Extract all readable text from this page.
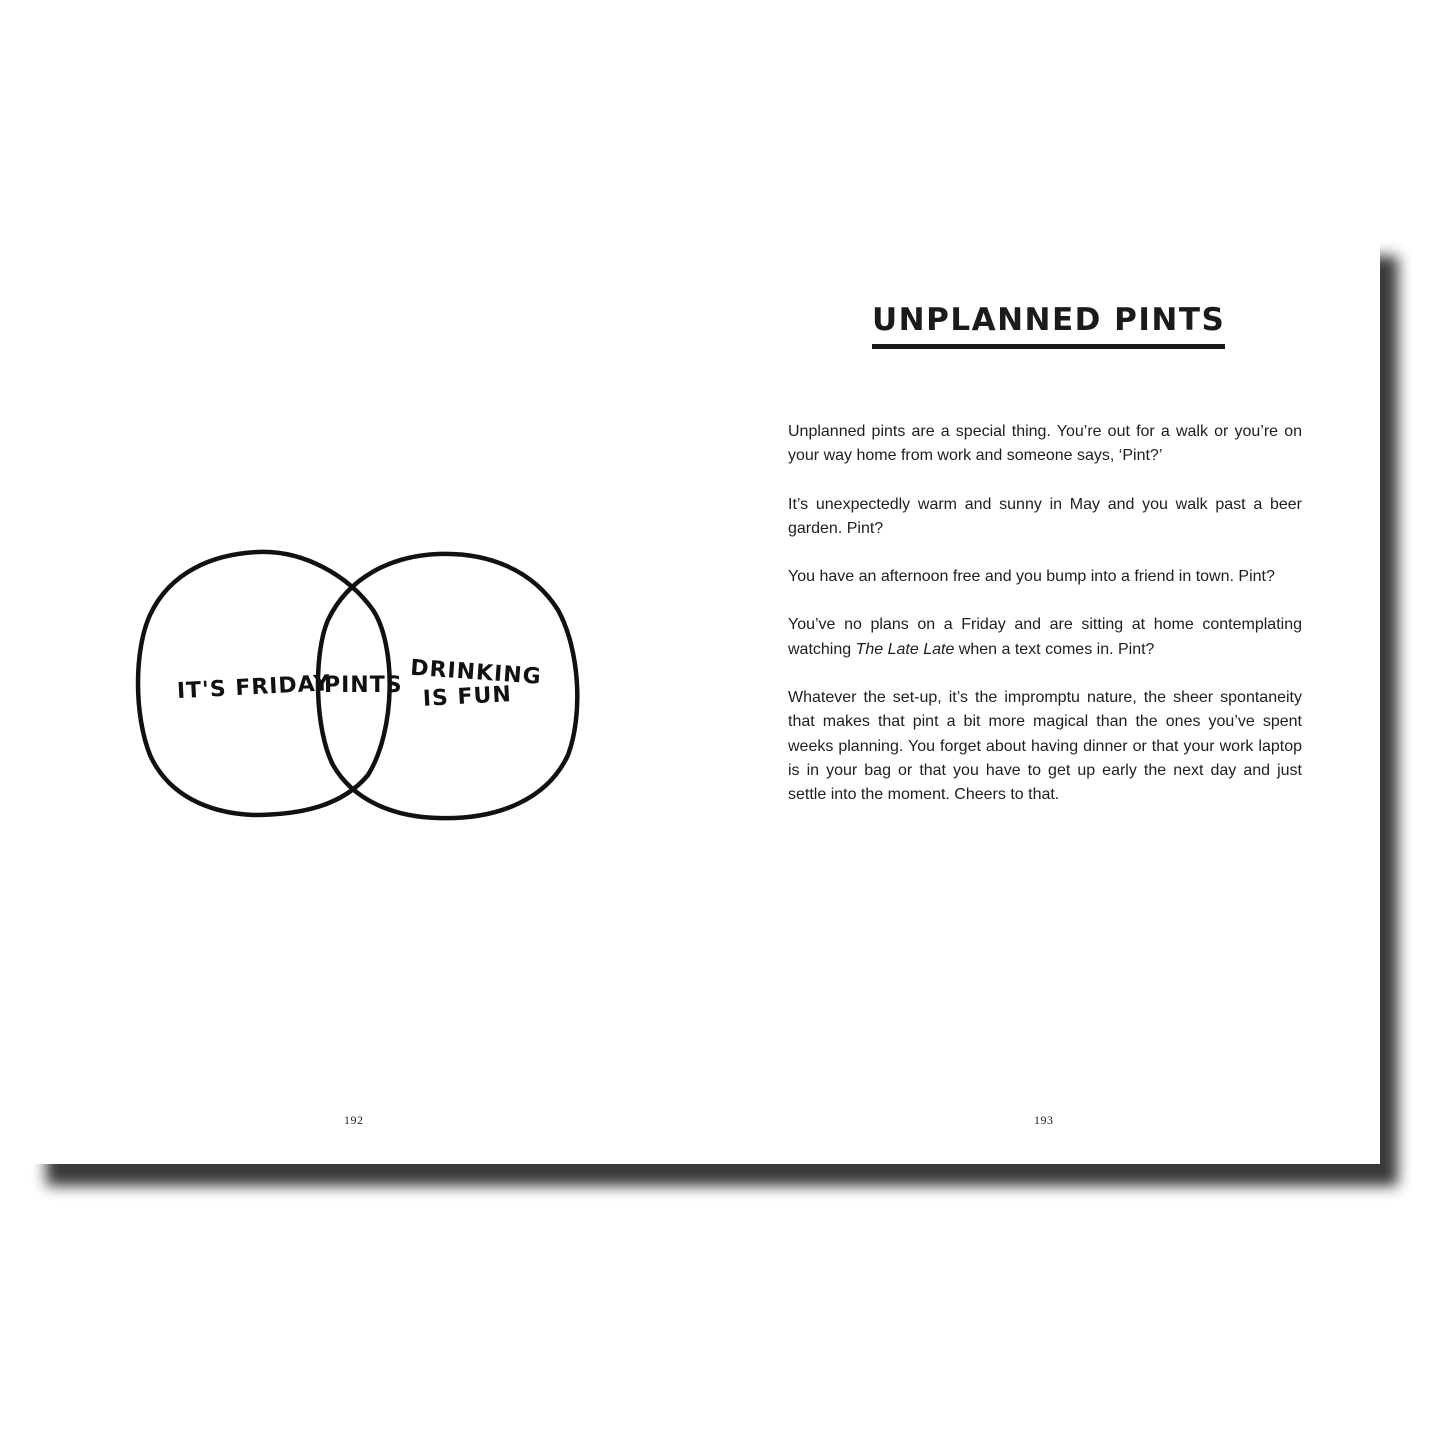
IT'S FRIDAY
PINTS DRINKING
IS FUN
192
UNPLANNED PINTS

Unplanned pints are a special thing. You’re out for a walk or you’re on your way home from work and someone says, ‘Pint?’

It’s unexpectedly warm and sunny in May and you walk past a beer garden. Pint?

You have an afternoon free and you bump into a friend in town. Pint?

You’ve no plans on a Friday and are sitting at home contemplating watching The Late Late when a text comes in. Pint?

Whatever the set-up, it’s the impromptu nature, the sheer spontaneity that makes that pint a bit more magical than the ones you’ve spent weeks planning. You forget about having dinner or that your work laptop is in your bag or that you have to get up early the next day and just settle into the moment. Cheers to that.

193
